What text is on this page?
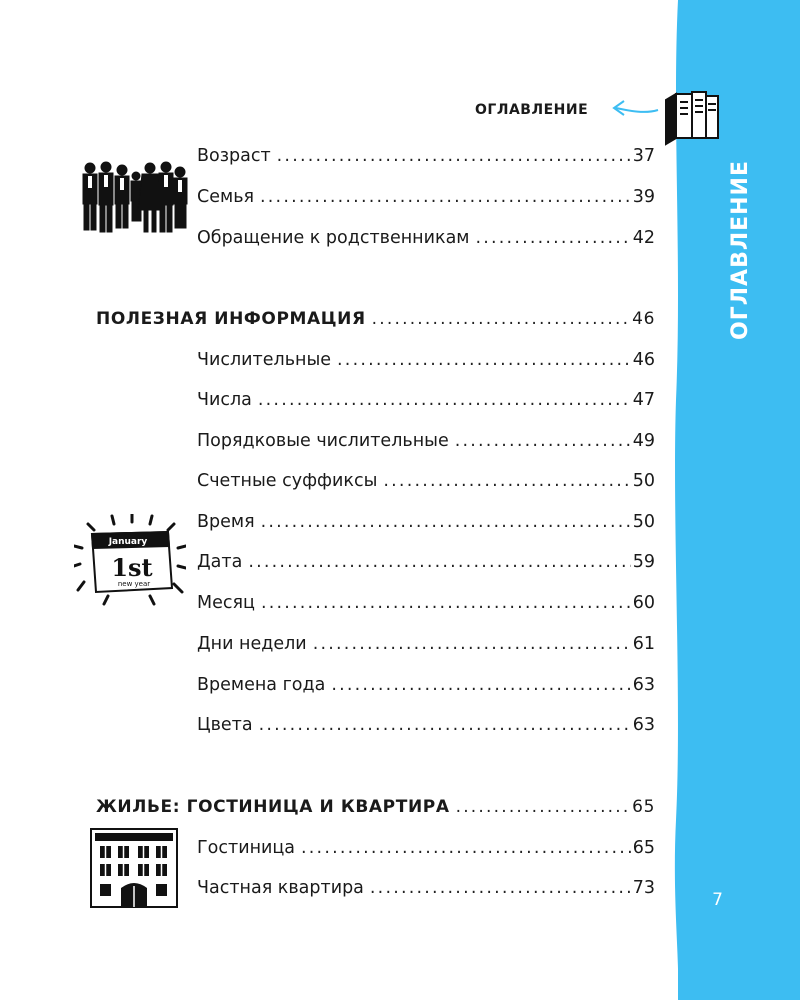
ОГЛАВЛЕНИЕ
7
ОГЛАВЛЕНИЕ
Возраст .....	37
Семья .....	39
Обращение к родственникам .....	42
ПОЛЕЗНАЯ ИНФОРМАЦИЯ .....	46
Числительные .....	46
Числа .....	47
Порядковые числительные .....	49
Счетные суффиксы .....	50
Время .....	50
Дата .....	59
Месяц .....	60
Дни недели .....	61
Времена года .....	63
Цвета .....	63
ЖИЛЬЕ: ГОСТИНИЦА И КВАРТИРА .....	65
Гостиница .....	65
Частная квартира .....	73
January
1st
new year
